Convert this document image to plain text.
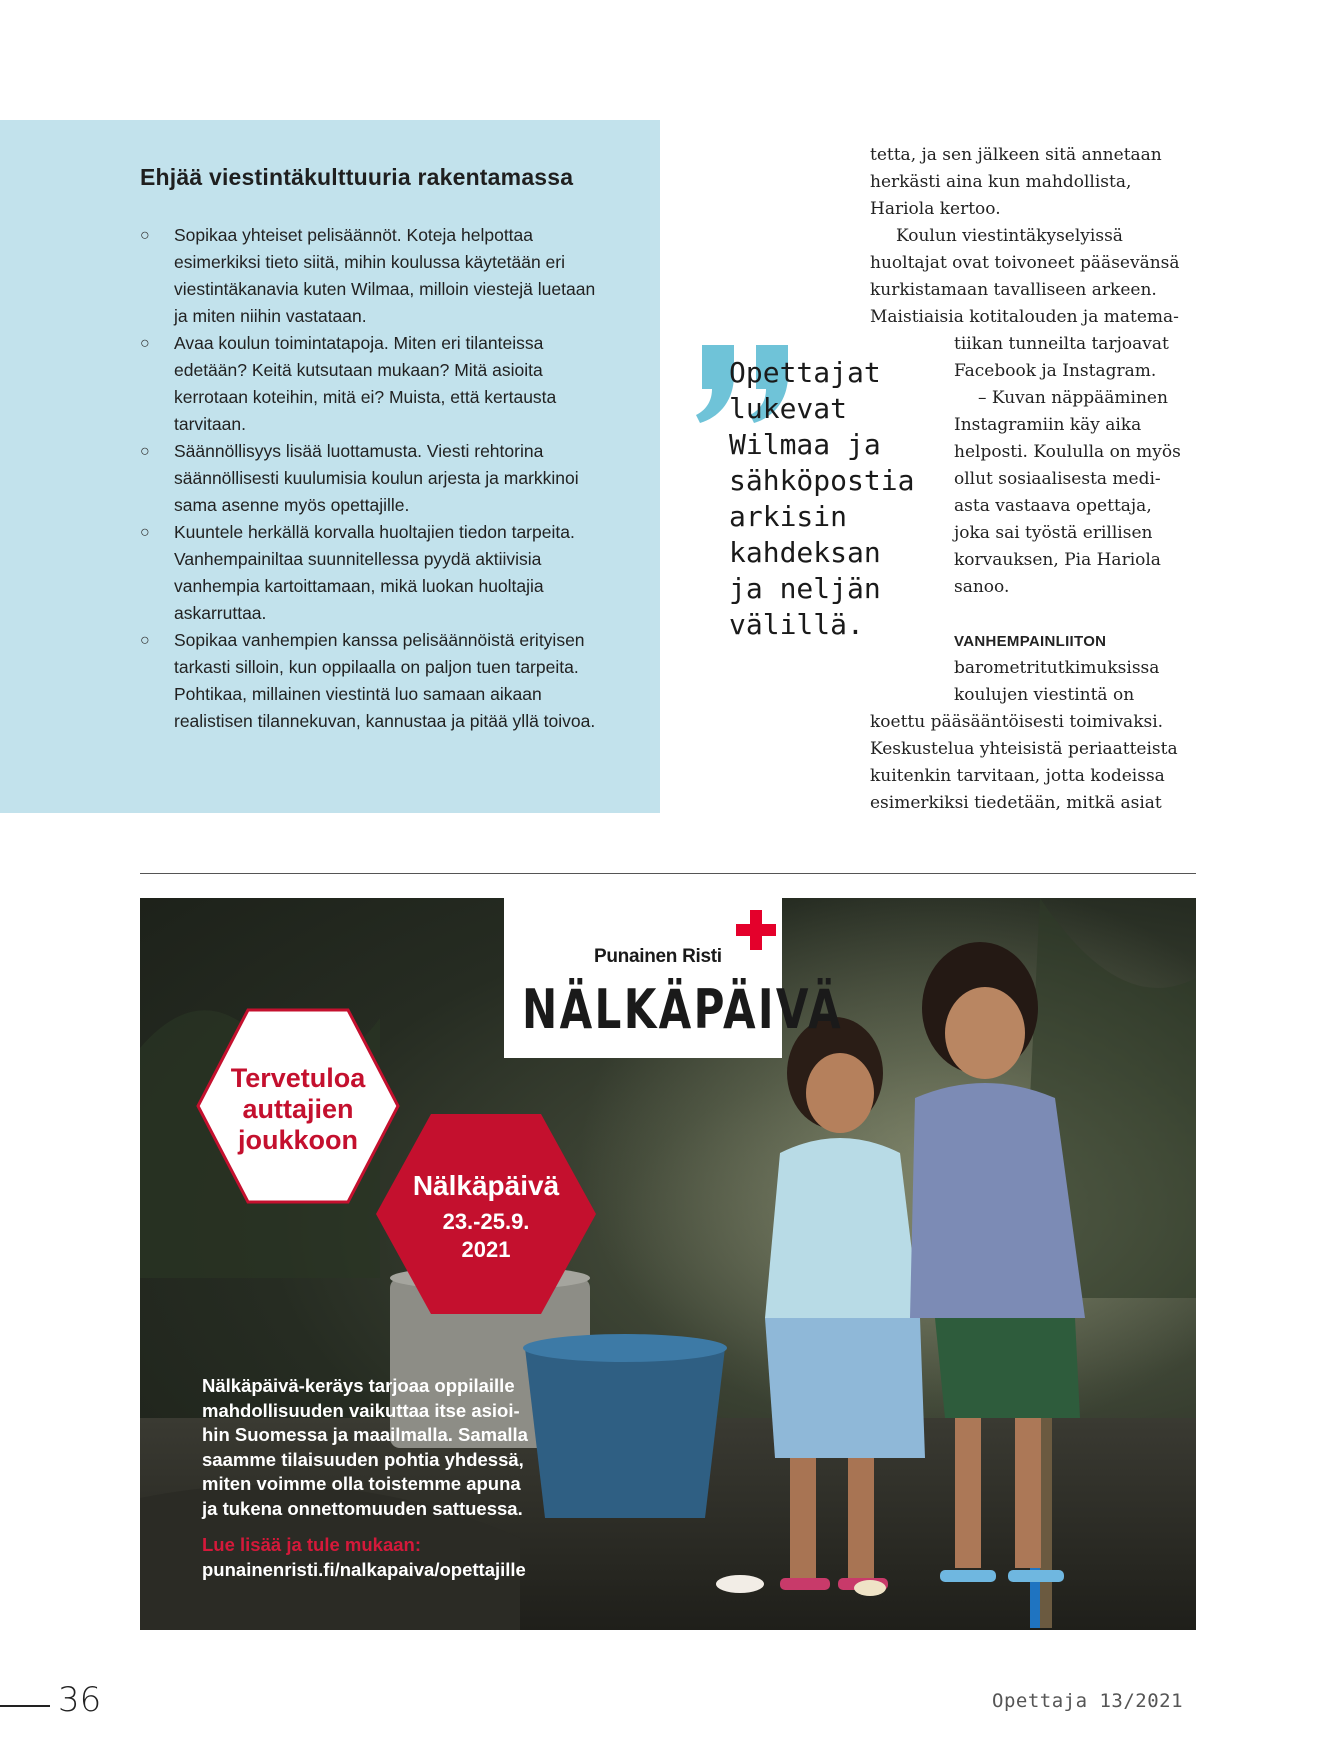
Ehjää viestintäkulttuuria rakentamassa
○ Sopikaa yhteiset pelisäännöt. Koteja helpottaa esimerkiksi tieto siitä, mihin koulussa käytetään eri viestintäkanavia kuten Wilmaa, milloin viestejä luetaan ja miten niihin vastataan.
○ Avaa koulun toimintatapoja. Miten eri tilanteissa edetään? Keitä kutsutaan mukaan? Mitä asioita kerrotaan koteihin, mitä ei? Muista, että kertausta tarvitaan.
○ Säännöllisyys lisää luottamusta. Viesti rehtorina säännöllisesti kuulumisia koulun arjesta ja markkinoi sama asenne myös opettajille.
○ Kuuntele herkällä korvalla huoltajien tiedon tarpeita. Vanhempainiltaa suunnitellessa pyydä aktiivisia vanhempia kartoittamaan, mikä luokan huoltajia askarruttaa.
○ Sopikaa vanhempien kanssa pelisäännöistä erityisen tarkasti silloin, kun oppilaalla on paljon tuen tarpeita. Pohtikaa, millainen viestintä luo samaan aikaan realistisen tilannekuvan, kannustaa ja pitää yllä toivoa.
Opettajat
lukevat
Wilmaa ja
sähköpostia
arkisin
kahdeksan
ja neljän
välillä.
tetta, ja sen jälkeen sitä annetaan
herkästi aina kun mahdollista,
Hariola kertoo.
Koulun viestintäkyselyissä
huoltajat ovat toivoneet pääsevänsä
kurkistamaan tavalliseen arkeen.
Maistiaisia kotitalouden ja matema-
tiikan tunneilta tarjoavat
Facebook ja Instagram.
– Kuvan näppääminen
Instagramiin käy aika
helposti. Koululla on myös
ollut sosiaalisesta medi-
asta vastaava opettaja,
joka sai työstä erillisen
korvauksen, Pia Hariola
sanoo.
VANHEMPAINLIITON
barometritutkimuksissa
koulujen viestintä on
koettu pääsääntöisesti toimivaksi.
Keskustelua yhteisistä periaatteista
kuitenkin tarvitaan, jotta kodeissa
esimerkiksi tiedetään, mitkä asiat
Punainen Risti
NÄLKÄPÄIVÄ
Tervetuloa
auttajien
joukkoon
Nälkäpäivä
23.-25.9.
2021
Nälkäpäivä-keräys tarjoaa oppilaille
mahdollisuuden vaikuttaa itse asioi-
hin Suomessa ja maailmalla. Samalla
saamme tilaisuuden pohtia yhdessä,
miten voimme olla toistemme apuna
ja tukena onnettomuuden sattuessa.
Lue lisää ja tule mukaan:
punainenristi.fi/nalkapaiva/opettajille
36	Opettaja 13/2021
